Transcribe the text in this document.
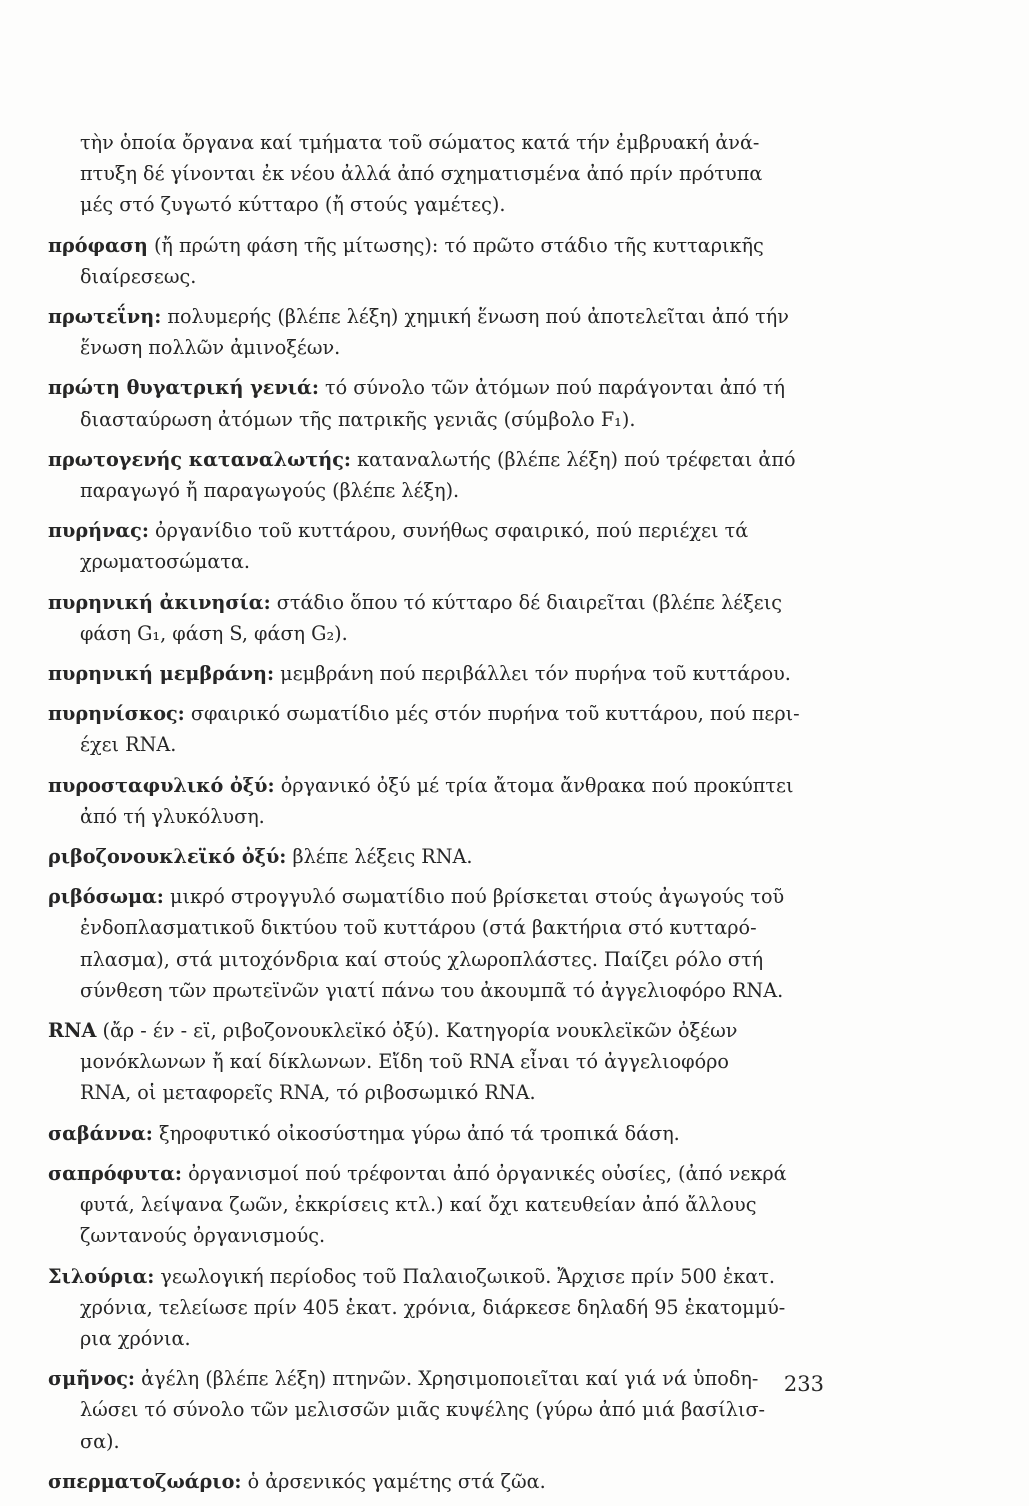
τὴν ὁποία ὄργανα καί τμήματα τοῦ σώματος κατά τήν ἐμβρυακή ἀνά-
πτυξη δέ γίνονται ἐκ νέου ἀλλά ἀπό σχηματισμένα ἀπό πρίν πρότυπα
μές στό ζυγωτό κύτταρο (ἤ στούς γαμέτες).
πρόφαση (ἤ πρώτη φάση τῆς μίτωσης): τό πρῶτο στάδιο τῆς κυτταρικῆς
διαίρεσεως.
πρωτεΐνη: πολυμερής (βλέπε λέξη) χημική ἕνωση πού ἀποτελεῖται ἀπό τήν
ἕνωση πολλῶν ἀμινοξέων.
πρώτη θυγατρική γενιά: τό σύνολο τῶν ἀτόμων πού παράγονται ἀπό τή
διασταύρωση ἀτόμων τῆς πατρικῆς γενιᾶς (σύμβολο F₁).
πρωτογενής καταναλωτής: καταναλωτής (βλέπε λέξη) πού τρέφεται ἀπό
παραγωγό ἤ παραγωγούς (βλέπε λέξη).
πυρήνας: ὀργανίδιο τοῦ κυττάρου, συνήθως σφαιρικό, πού περιέχει τά
χρωματοσώματα.
πυρηνική ἀκινησία: στάδιο ὅπου τό κύτταρο δέ διαιρεῖται (βλέπε λέξεις
φάση G₁, φάση S, φάση G₂).
πυρηνική μεμβράνη: μεμβράνη πού περιβάλλει τόν πυρήνα τοῦ κυττάρου.
πυρηνίσκος: σφαιρικό σωματίδιο μές στόν πυρήνα τοῦ κυττάρου, πού περι-
έχει RNA.
πυροσταφυλικό ὀξύ: ὀργανικό ὀξύ μέ τρία ἄτομα ἄνθρακα πού προκύπτει
ἀπό τή γλυκόλυση.
ριβοζονουκλεϊκό ὀξύ: βλέπε λέξεις RNA.
ριβόσωμα: μικρό στρογγυλό σωματίδιο πού βρίσκεται στούς ἀγωγούς τοῦ
ἐνδοπλασματικοῦ δικτύου τοῦ κυττάρου (στά βακτήρια στό κυτταρό-
πλασμα), στά μιτοχόνδρια καί στούς χλωροπλάστες. Παίζει ρόλο στή
σύνθεση τῶν πρωτεϊνῶν γιατί πάνω του ἀκουμπᾶ τό ἀγγελιοφόρο RNA.
RNA (ἄρ - έν - εϊ, ριβοζονουκλεϊκό ὀξύ). Κατηγορία νουκλεϊκῶν ὀξέων
μονόκλωνων ἤ καί δίκλωνων. Εἴδη τοῦ RNA εἶναι τό ἀγγελιοφόρο
RNA, οἱ μεταφορεῖς RNA, τό ριβοσωμικό RNA.
σαβάννα: ξηροφυτικό οἰκοσύστημα γύρω ἀπό τά τροπικά δάση.
σαπρόφυτα: ὀργανισμοί πού τρέφονται ἀπό ὀργανικές οὐσίες, (ἀπό νεκρά
φυτά, λείψανα ζωῶν, ἐκκρίσεις κτλ.) καί ὄχι κατευθείαν ἀπό ἄλλους
ζωντανούς ὀργανισμούς.
Σιλούρια: γεωλογική περίοδος τοῦ Παλαιοζωικοῦ. Ἄρχισε πρίν 500 ἑκατ.
χρόνια, τελείωσε πρίν 405 ἑκατ. χρόνια, διάρκεσε δηλαδή 95 ἑκατομμύ-
ρια χρόνια.
σμῆνος: ἀγέλη (βλέπε λέξη) πτηνῶν. Χρησιμοποιεῖται καί γιά νά ὑποδη-
λώσει τό σύνολο τῶν μελισσῶν μιᾶς κυψέλης (γύρω ἀπό μιά βασίλισ-
σα).
σπερματοζωάριο: ὁ ἀρσενικός γαμέτης στά ζῶα.
233
